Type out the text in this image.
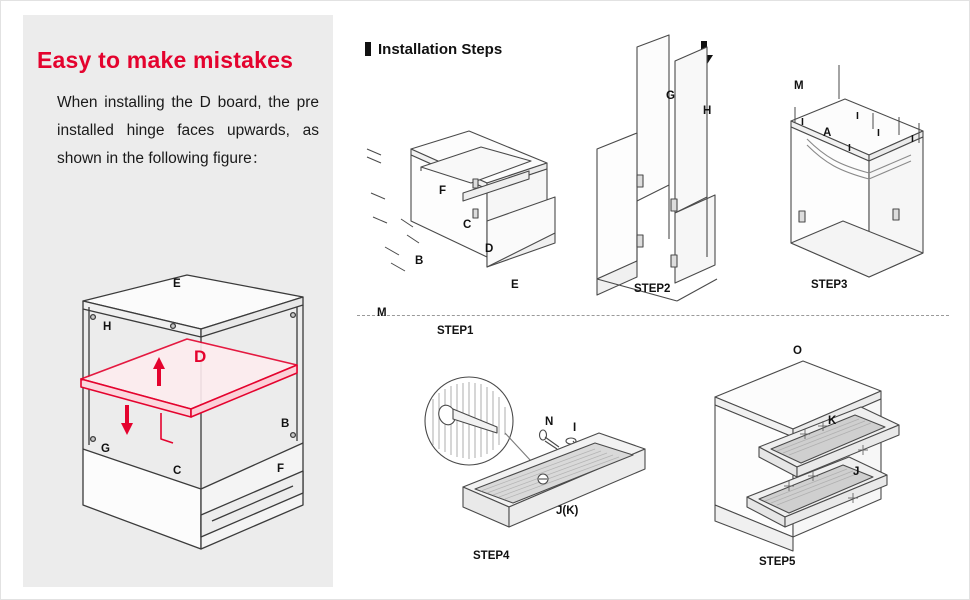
Easy to make mistakes
When installing the D board, the pre installed hinge faces upwards, as shown in the following figure：
E
H
D
G
B
C	F
Installation Steps
F
C
B
D
E
M
STEP1
G
H
STEP2
M
A
I	I
I
I
I
STEP3
N I
J(K)
STEP4
O
K
J
STEP5
